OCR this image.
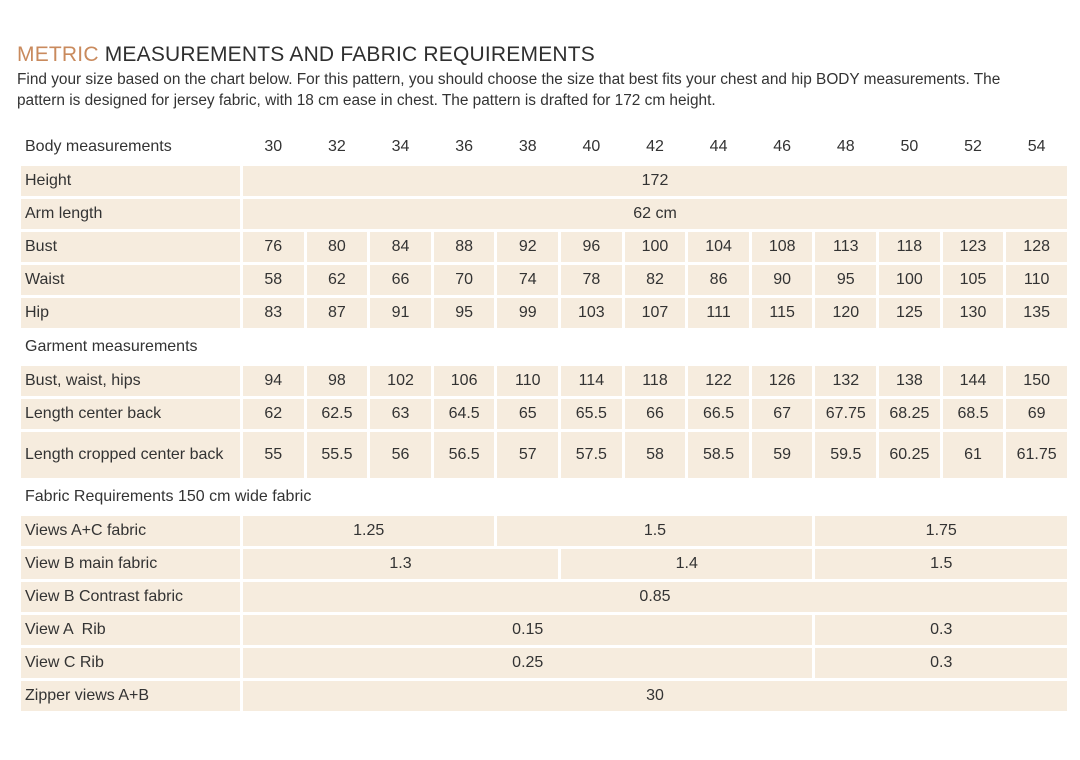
METRIC MEASUREMENTS AND FABRIC REQUIREMENTS
Find your size based on the chart below. For this pattern, you should choose the size that best fits your chest and hip BODY measurements. The pattern is designed for jersey fabric, with 18 cm ease in chest. The pattern is drafted for 172 cm height.
Body measurements	30	32	34	36	38	40	42	44	46	48	50	52	54
Height	172												
Arm length	62 cm												
Bust	76	80	84	88	92	96	100	104	108	113	118	123	128
Waist	58	62	66	70	74	78	82	86	90	95	100	105	110
Hip	83	87	91	95	99	103	107	111	115	120	125	130	135
Garment measurements													
Bust, waist, hips	94	98	102	106	110	114	118	122	126	132	138	144	150
Length center back	62	62.5	63	64.5	65	65.5	66	66.5	67	67.75	68.25	68.5	69
Length cropped center back	55	55.5	56	56.5	57	57.5	58	58.5	59	59.5	60.25	61	61.75
Fabric Requirements 150 cm wide fabric													
Views A+C fabric	1.25				1.5					1.75			
View B main fabric	1.3					1.4				1.5			
View B Contrast fabric	0.85												
View A  Rib	0.15									0.3			
View C Rib	0.25									0.3			
Zipper views A+B	30												
